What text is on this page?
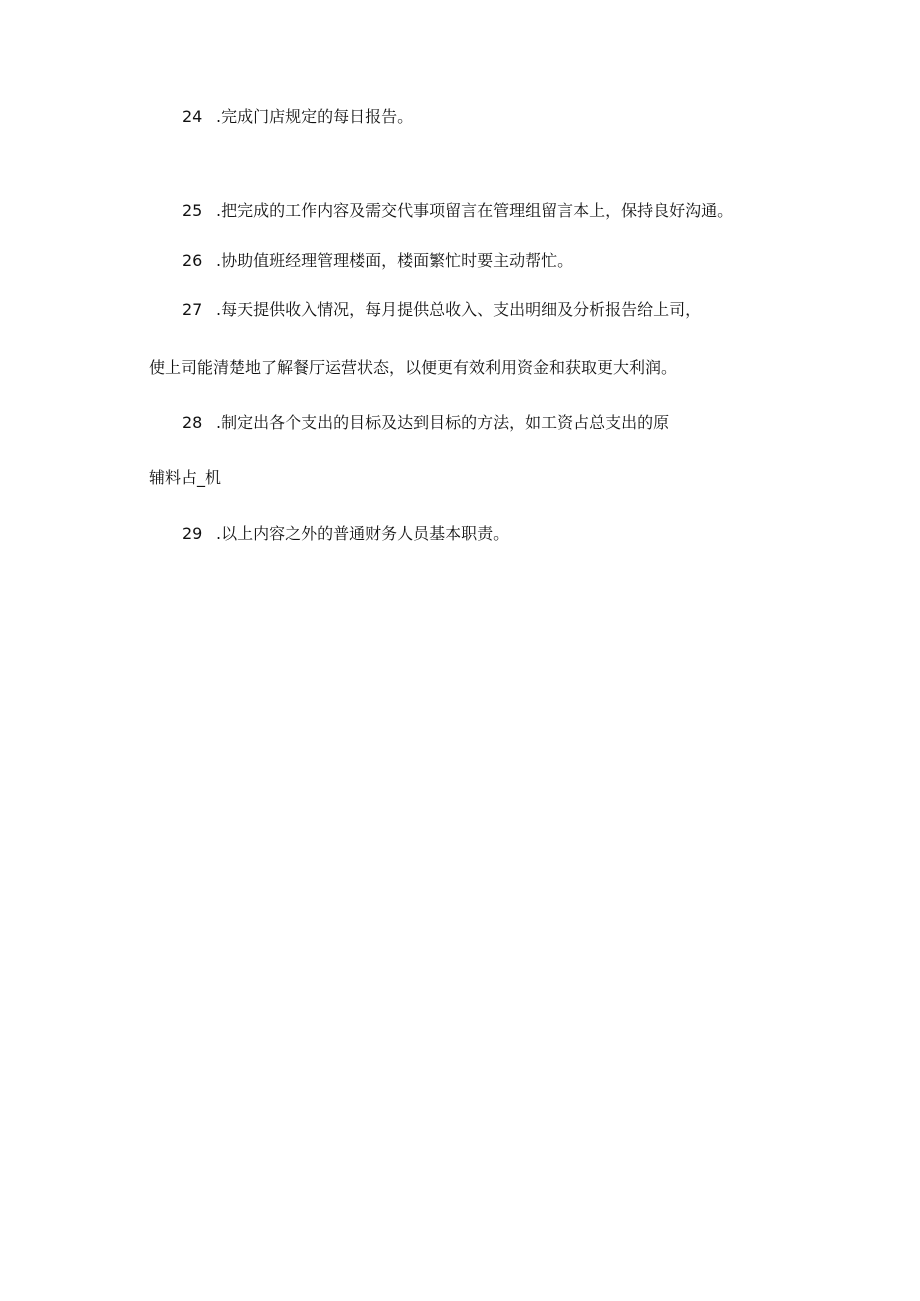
24 .完成门店规定的每日报告。
25 .把完成的工作内容及需交代事项留言在管理组留言本上，保持良好沟通。
26 .协助值班经理管理楼面，楼面繁忙时要主动帮忙。
27 .每天提供收入情况，每月提供总收入、支出明细及分析报告给上司，
使上司能清楚地了解餐厅运营状态，以便更有效利用资金和获取更大利润。
28 .制定出各个支出的目标及达到目标的方法，如工资占总支出的原
辅料占_机
29 .以上内容之外的普通财务人员基本职责。
